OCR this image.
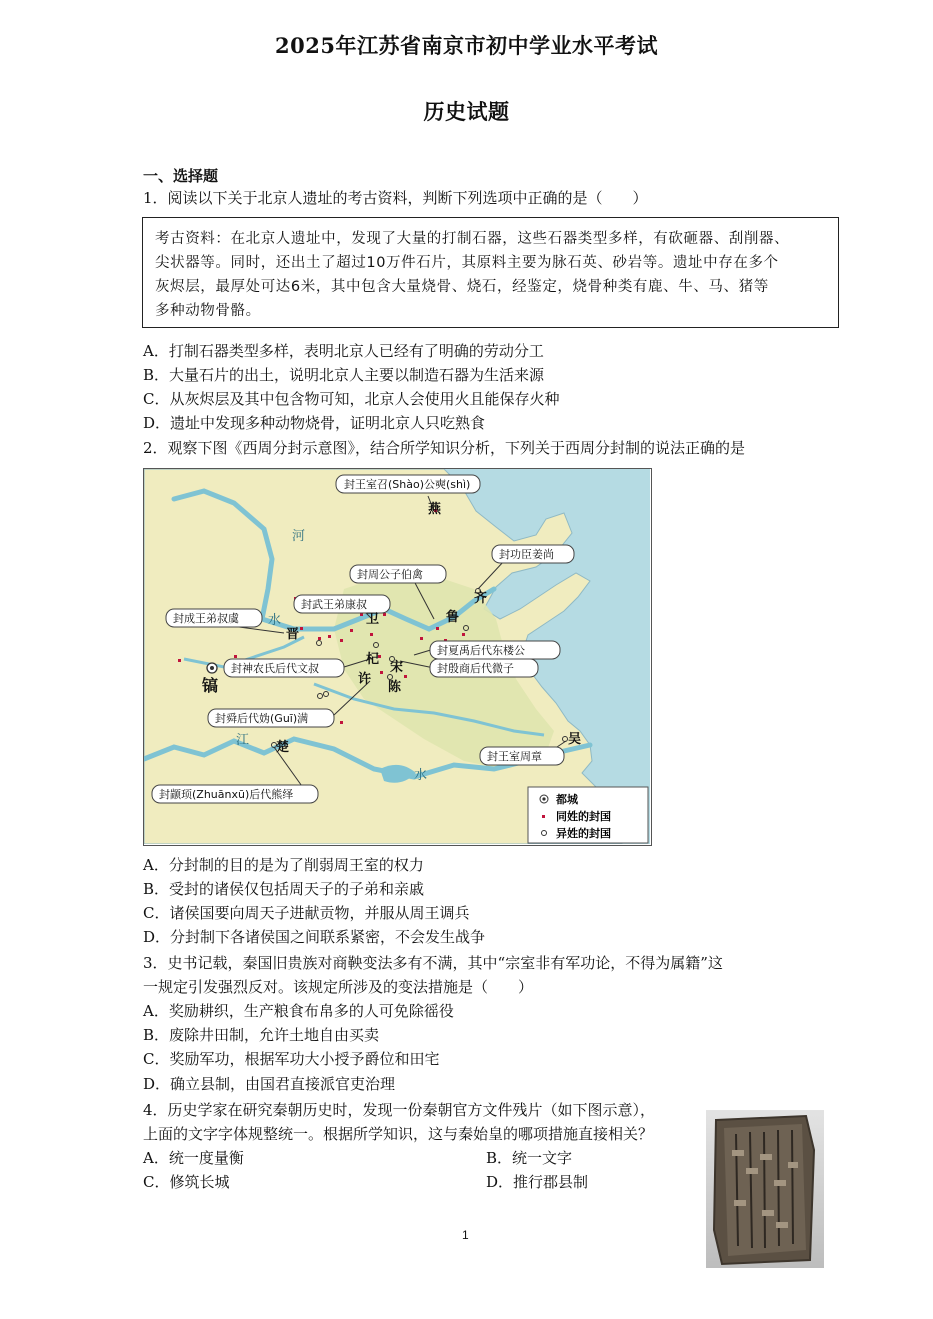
2025年江苏省南京市初中学业水平考试
历史试题
一、选择题
1．阅读以下关于北京人遗址的考古资料，判断下列选项中正确的是（　　）

考古资料：在北京人遗址中，发现了大量的打制石器，这些石器类型多样，有砍砸器、刮削器、

尖状器等。同时，还出土了超过10万件石片，其原料主要为脉石英、砂岩等。遗址中存在多个

灰烬层，最厚处可达6米，其中包含大量烧骨、烧石，经鉴定，烧骨种类有鹿、牛、马、猪等

多种动物骨骼。

A．打制石器类型多样，表明北京人已经有了明确的劳动分工
B．大量石片的出土，说明北京人主要以制造石器为生活来源
C．从灰烬层及其中包含物可知，北京人会使用火且能保存火种
D．遗址中发现多种动物烧骨，证明北京人只吃熟食
2．观察下图《西周分封示意图》，结合所学知识分析，下列关于西周分封制的说法正确的是
河
水
江
水
封王室召(Shào)公奭(shì)
封功臣姜尚
封周公子伯禽
封武王弟康叔
封成王弟叔虞
封夏禹后代东楼公
封殷商后代微子
封神农氏后代文叔
封舜后代妫(Guī)满
封王室周章
封颛顼(Zhuānxū)后代熊绎
燕
齐
鲁
卫
晋
镐
杞
宋
许
陈
楚
吴
都城
同姓的封国
异姓的封国
A．分封制的目的是为了削弱周王室的权力
B．受封的诸侯仅包括周天子的子弟和亲戚
C．诸侯国要向周天子进献贡物，并服从周王调兵
D．分封制下各诸侯国之间联系紧密，不会发生战争
3．史书记载，秦国旧贵族对商鞅变法多有不满，其中“宗室非有军功论，不得为属籍”这
一规定引发强烈反对。该规定所涉及的变法措施是（　　）
A．奖励耕织，生产粮食布帛多的人可免除徭役
B．废除井田制，允许土地自由买卖
C．奖励军功，根据军功大小授予爵位和田宅
D．确立县制，由国君直接派官吏治理
4．历史学家在研究秦朝历史时，发现一份秦朝官方文件残片（如下图示意），
上面的文字字体规整统一。根据所学知识，这与秦始皇的哪项措施直接相关？
A．统一度量衡	B．统一文字
C．修筑长城	D．推行郡县制
1
